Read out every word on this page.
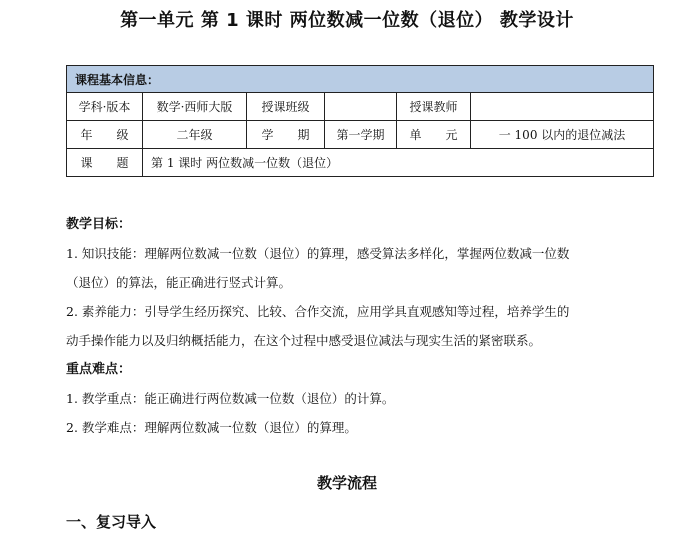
第一单元 第 1 课时 两位数减一位数（退位） 教学设计
课程基本信息：					
学科·版本	数学·西师大版	授课班级		授课教师	
年　　级	二年级	学　　期	第一学期	单　　元	一 100 以内的退位减法
课　　题	第 1 课时 两位数减一位数（退位）				
教学目标：
1. 知识技能：理解两位数减一位数（退位）的算理，感受算法多样化，掌握两位数减一位数
（退位）的算法，能正确进行竖式计算。
2. 素养能力：引导学生经历探究、比较、合作交流，应用学具直观感知等过程，培养学生的
动手操作能力以及归纳概括能力，在这个过程中感受退位减法与现实生活的紧密联系。
重点难点：
1. 教学重点：能正确进行两位数减一位数（退位）的计算。
2. 教学难点：理解两位数减一位数（退位）的算理。
教学流程
一、复习导入
